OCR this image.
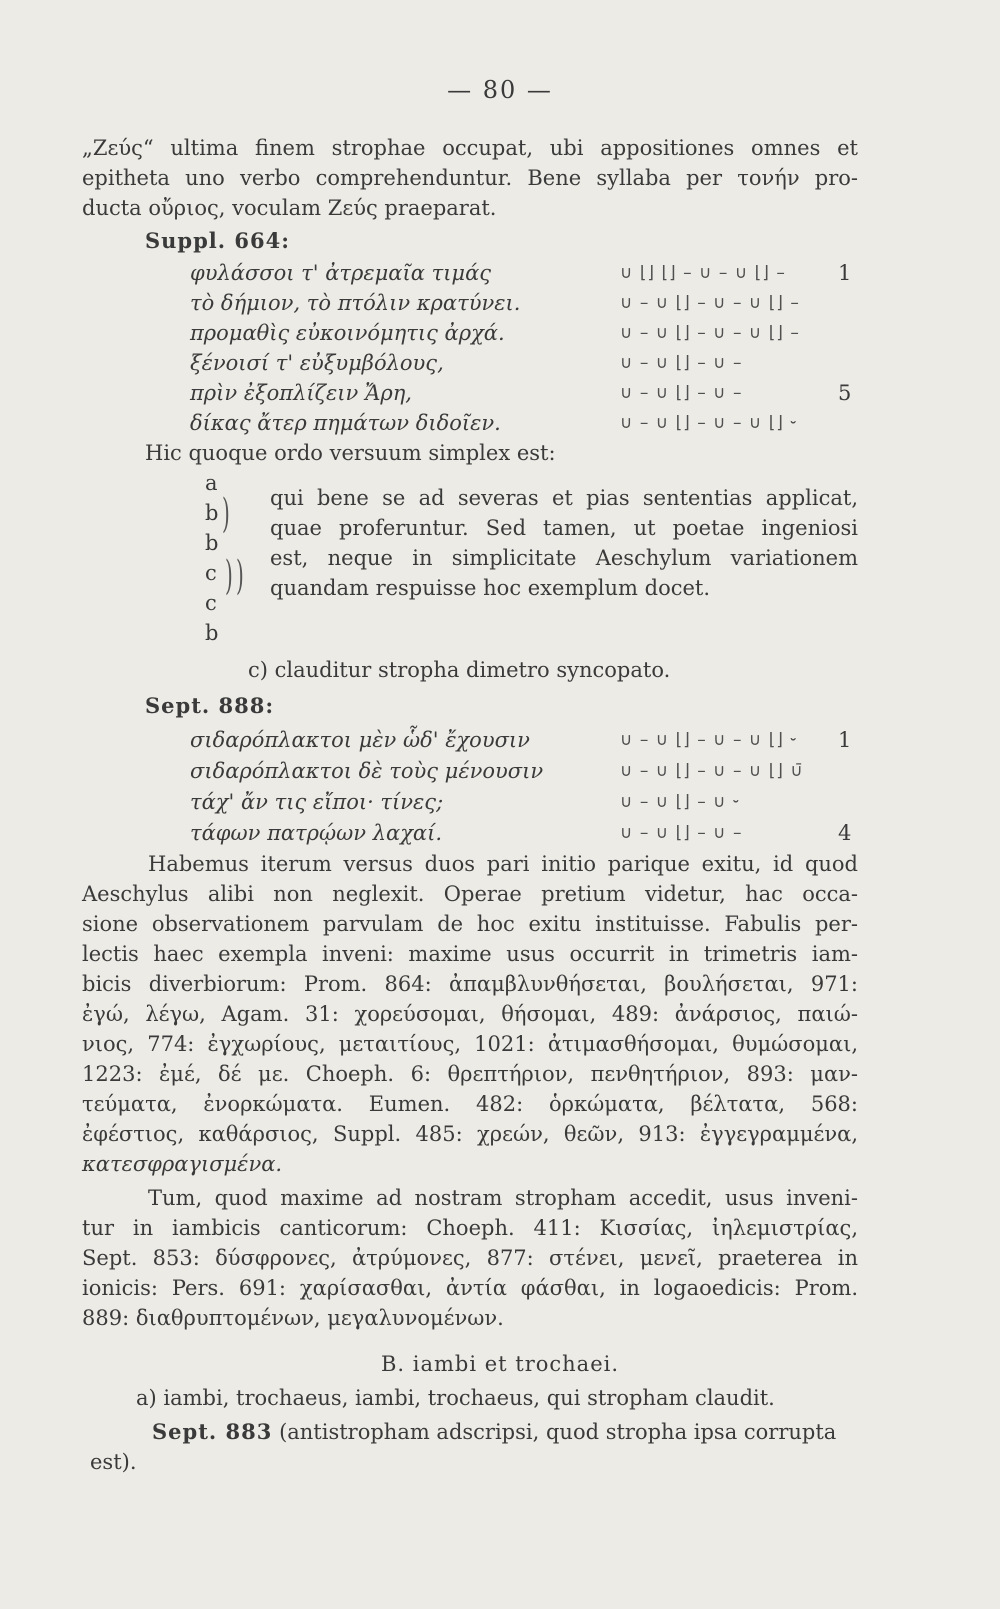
— 80 —
„Ζεύς“ ultima finem strophae occupat, ubi appositiones omnes et
epitheta uno verbo comprehenduntur. Bene syllaba per τονήν pro-
ducta οὔριος, voculam Ζεύς praeparat.
Suppl. 664:
φυλάσσοι τ' ἀτρεμαῖα τιμάς	∪ ⌊⌋ ⌊⌋ – ∪ – ∪ ⌊⌋ – 1
τὸ δήμιον, τὸ πτόλιν κρατύνει.	∪ – ∪ ⌊⌋ – ∪ – ∪ ⌊⌋ –
προμαθὶς εὐκοινόμητις ἀρχά.	∪ – ∪ ⌊⌋ – ∪ – ∪ ⌊⌋ –
ξένοισί τ' εὐξυμβόλους,	∪ – ∪ ⌊⌋ – ∪ –
πρὶν ἐξοπλίζειν Ἄρη,	∪ – ∪ ⌊⌋ – ∪ –	5
δίκας ἄτερ πημάτων διδοῖεν.	∪ – ∪ ⌊⌋ – ∪ – ∪ ⌊⌋ ⏑
Hic quoque ordo versuum simplex est:
a
b
b
c
c
b
)
) )
qui bene se ad severas et pias sententias applicat,
quae proferuntur. Sed tamen, ut poetae ingeniosi
est, neque in simplicitate Aeschylum variationem
quandam respuisse hoc exemplum docet.
c) clauditur stropha dimetro syncopato.
Sept. 888:
σιδαρόπλακτοι μὲν ὧδ' ἔχουσιν	∪ – ∪ ⌊⌋ – ∪ – ∪ ⌊⌋ ⏑ 1
σιδαρόπλακτοι δὲ τοὺς μένουσιν	∪ – ∪ ⌊⌋ – ∪ – ∪ ⌊⌋ ∪̄
τάχ' ἄν τις εἴποι· τίνες;	∪ – ∪ ⌊⌋ – ∪ ⏑
τάφων πατρῴων λαχαί.	∪ – ∪ ⌊⌋ – ∪ –	4
Habemus iterum versus duos pari initio parique exitu, id quod
Aeschylus alibi non neglexit. Operae pretium videtur, hac occa-
sione observationem parvulam de hoc exitu instituisse. Fabulis per-
lectis haec exempla inveni: maxime usus occurrit in trimetris iam-
bicis diverbiorum: Prom. 864: ἀπαμβλυνθήσεται, βουλήσεται, 971:
ἐγώ, λέγω, Agam. 31: χορεύσομαι, θήσομαι, 489: ἀνάρσιος, παιώ-
νιος, 774: ἐγχωρίους, μεταιτίους, 1021: ἀτιμασθήσομαι, θυμώσομαι,
1223: ἐμέ, δέ με. Choeph. 6: θρεπτήριον, πενθητήριον, 893: μαν-
τεύματα, ἐνορκώματα. Eumen. 482: ὁρκώματα, βέλτατα, 568:
ἐφέστιος, καθάρσιος, Suppl. 485: χρεών, θεῶν, 913: ἐγγεγραμμένα,
κατεσφραγισμένα.
Tum, quod maxime ad nostram stropham accedit, usus inveni-
tur in iambicis canticorum: Choeph. 411: Κισσίας, ἰηλεμιστρίας,
Sept. 853: δύσφρονες, ἀτρύμονες, 877: στένει, μενεῖ, praeterea in
ionicis: Pers. 691: χαρίσασθαι, ἀντία φάσθαι, in logaoedicis: Prom.
889: διαθρυπτομένων, μεγαλυνομένων.
B. iambi et trochaei.
a) iambi, trochaeus, iambi, trochaeus, qui stropham claudit.
Sept. 883 (antistropham adscripsi, quod stropha ipsa corrupta
est).
